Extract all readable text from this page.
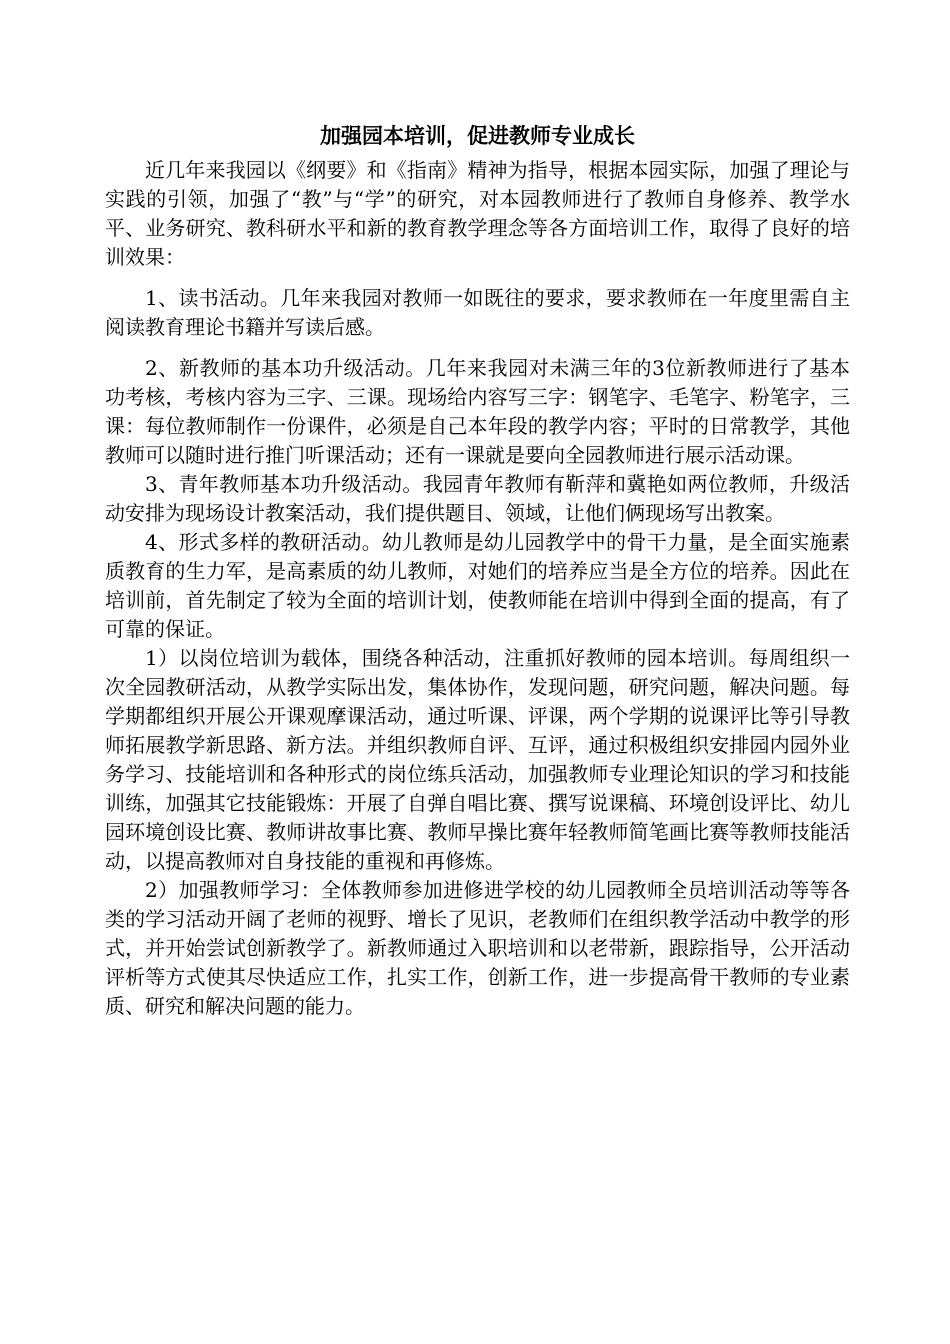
加强园本培训，促进教师专业成长

近几年来我园以《纲要》和《指南》精神为指导，根据本园实际，加强了理论与实践的引领，加强了“教”与“学”的研究，对本园教师进行了教师自身修养、教学水平、业务研究、教科研水平和新的教育教学理念等各方面培训工作，取得了良好的培训效果：

1、读书活动。几年来我园对教师一如既往的要求，要求教师在一年度里需自主阅读教育理论书籍并写读后感。

2、新教师的基本功升级活动。几年来我园对未满三年的3位新教师进行了基本功考核，考核内容为三字、三课。现场给内容写三字：钢笔字、毛笔字、粉笔字，三课：每位教师制作一份课件，必须是自己本年段的教学内容；平时的日常教学，其他教师可以随时进行推门听课活动；还有一课就是要向全园教师进行展示活动课。

3、青年教师基本功升级活动。我园青年教师有靳萍和冀艳如两位教师，升级活动安排为现场设计教案活动，我们提供题目、领域，让他们俩现场写出教案。

4、形式多样的教研活动。幼儿教师是幼儿园教学中的骨干力量，是全面实施素质教育的生力军，是高素质的幼儿教师，对她们的培养应当是全方位的培养。因此在培训前，首先制定了较为全面的培训计划，使教师能在培训中得到全面的提高，有了可靠的保证。

1）以岗位培训为载体，围绕各种活动，注重抓好教师的园本培训。每周组织一次全园教研活动，从教学实际出发，集体协作，发现问题，研究问题，解决问题。每学期都组织开展公开课观摩课活动，通过听课、评课，两个学期的说课评比等引导教师拓展教学新思路、新方法。并组织教师自评、互评，通过积极组织安排园内园外业务学习、技能培训和各种形式的岗位练兵活动，加强教师专业理论知识的学习和技能训练，加强其它技能锻炼：开展了自弹自唱比赛、撰写说课稿、环境创设评比、幼儿园环境创设比赛、教师讲故事比赛、教师早操比赛年轻教师简笔画比赛等教师技能活动，以提高教师对自身技能的重视和再修炼。

2）加强教师学习：全体教师参加进修进学校的幼儿园教师全员培训活动等等各类的学习活动开阔了老师的视野、增长了见识，老教师们在组织教学活动中教学的形式，并开始尝试创新教学了。新教师通过入职培训和以老带新，跟踪指导，公开活动评析等方式使其尽快适应工作，扎实工作，创新工作，进一步提高骨干教师的专业素质、研究和解决问题的能力。
